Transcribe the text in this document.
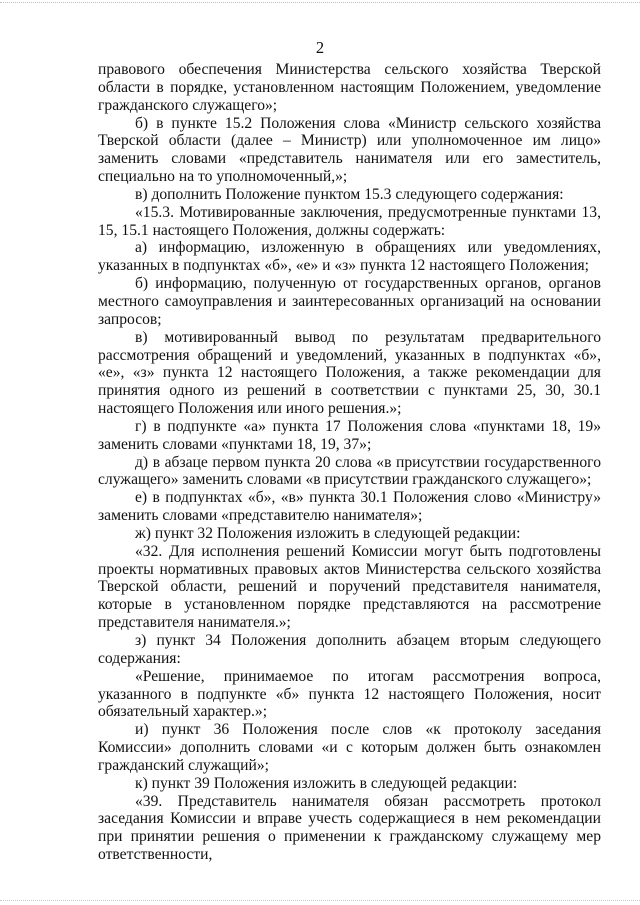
2

правового обеспечения Министерства сельского хозяйства Тверской области в порядке, установленном настоящим Положением, уведомление гражданского служащего»;

б) в пункте 15.2 Положения слова «Министр сельского хозяйства Тверской области (далее – Министр) или уполномоченное им лицо» заменить словами «представитель нанимателя или его заместитель, специально на то уполномоченный,»;

в) дополнить Положение пунктом 15.3 следующего содержания:

«15.3. Мотивированные заключения, предусмотренные пунктами 13, 15, 15.1 настоящего Положения, должны содержать:

а) информацию, изложенную в обращениях или уведомлениях, указанных в подпунктах «б», «е» и «з» пункта 12 настоящего Положения;

б) информацию, полученную от государственных органов, органов местного самоуправления и заинтересованных организаций на основании запросов;

в) мотивированный вывод по результатам предварительного рассмотрения обращений и уведомлений, указанных в подпунктах «б», «е», «з» пункта 12 настоящего Положения, а также рекомендации для принятия одного из решений в соответствии с пунктами 25, 30, 30.1 настоящего Положения или иного решения.»;

г) в подпункте «а» пункта 17 Положения слова «пунктами 18, 19» заменить словами «пунктами 18, 19, 37»;

д) в абзаце первом пункта 20 слова «в присутствии государственного служащего» заменить словами «в присутствии гражданского служащего»;

е) в подпунктах «б», «в» пункта 30.1 Положения слово «Министру» заменить словами «представителю нанимателя»;

ж) пункт 32 Положения изложить в следующей редакции:

«32. Для исполнения решений Комиссии могут быть подготовлены проекты нормативных правовых актов Министерства сельского хозяйства Тверской области, решений и поручений представителя нанимателя, которые в установленном порядке представляются на рассмотрение представителя нанимателя.»;

з) пункт 34 Положения дополнить абзацем вторым следующего содержания:

«Решение, принимаемое по итогам рассмотрения вопроса, указанного в подпункте «б» пункта 12 настоящего Положения, носит обязательный характер.»;

и) пункт 36 Положения после слов «к протоколу заседания Комиссии» дополнить словами «и с которым должен быть ознакомлен гражданский служащий»;

к) пункт 39 Положения изложить в следующей редакции:

«39. Представитель нанимателя обязан рассмотреть протокол заседания Комиссии и вправе учесть содержащиеся в нем рекомендации при принятии решения о применении к гражданскому служащему мер ответственности,
